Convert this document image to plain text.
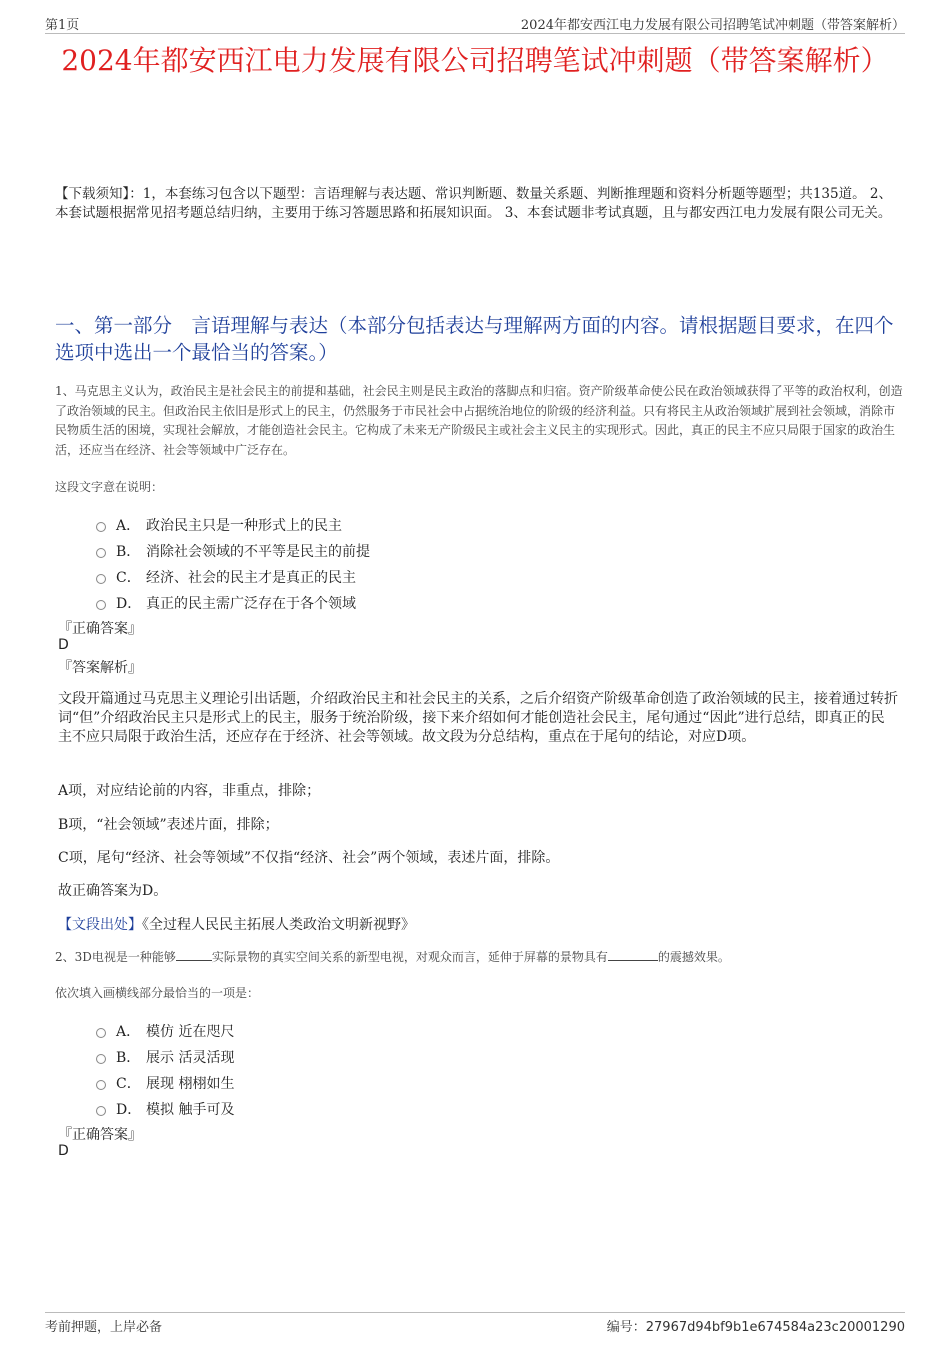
第1页	2024年都安西江电力发展有限公司招聘笔试冲刺题（带答案解析）
2024年都安西江电力发展有限公司招聘笔试冲刺题（带答案解析）
【下载须知】：1，本套练习包含以下题型：言语理解与表达题、常识判断题、数量关系题、判断推理题和资料分析题等题型；共135道。 2、本套试题根据常见招考题总结归纳，主要用于练习答题思路和拓展知识面。 3、本套试题非考试真题，且与都安西江电力发展有限公司无关。
一、第一部分　言语理解与表达（本部分包括表达与理解两方面的内容。请根据题目要求，在四个选项中选出一个最恰当的答案。）
1、马克思主义认为，政治民主是社会民主的前提和基础，社会民主则是民主政治的落脚点和归宿。资产阶级革命使公民在政治领域获得了平等的政治权利，创造了政治领域的民主。但政治民主依旧是形式上的民主，仍然服务于市民社会中占据统治地位的阶级的经济利益。只有将民主从政治领域扩展到社会领域，消除市民物质生活的困境，实现社会解放，才能创造社会民主。它构成了未来无产阶级民主或社会主义民主的实现形式。因此，真正的民主不应只局限于国家的政治生活，还应当在经济、社会等领域中广泛存在。
这段文字意在说明：
A． 政治民主只是一种形式上的民主
B． 消除社会领域的不平等是民主的前提
C． 经济、社会的民主才是真正的民主
D． 真正的民主需广泛存在于各个领域
『正确答案』
D
『答案解析』
文段开篇通过马克思主义理论引出话题，介绍政治民主和社会民主的关系，之后介绍资产阶级革命创造了政治领域的民主，接着通过转折词“但”介绍政治民主只是形式上的民主，服务于统治阶级，接下来介绍如何才能创造社会民主，尾句通过“因此”进行总结，即真正的民主不应只局限于政治生活，还应存在于经济、社会等领域。故文段为分总结构，重点在于尾句的结论，对应D项。
A项，对应结论前的内容，非重点，排除；
B项，“社会领域”表述片面，排除；
C项，尾句“经济、社会等领域”不仅指“经济、社会”两个领域，表述片面，排除。
故正确答案为D。
【文段出处】《全过程人民民主拓展人类政治文明新视野》
2、3D电视是一种能够	实际景物的真实空间关系的新型电视，对观众而言，延伸于屏幕的景物具有	的震撼效果。
依次填入画横线部分最恰当的一项是：
A． 模仿 近在咫尺
B． 展示 活灵活现
C． 展现 栩栩如生
D． 模拟 触手可及
『正确答案』
D
考前押题，上岸必备	编号：27967d94bf9b1e674584a23c20001290
